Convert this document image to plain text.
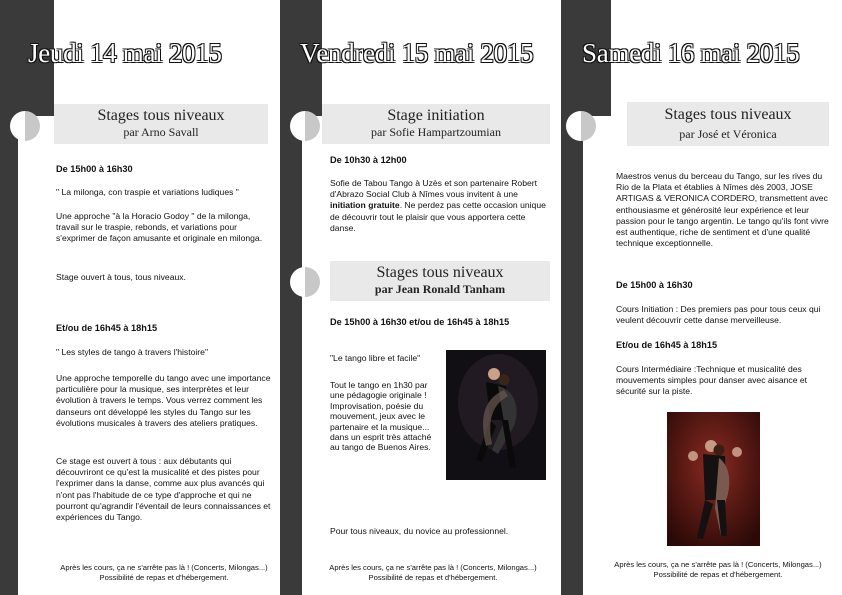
Jeudi 14 mai 2015
Stages tous niveaux
par Arno Savall
De 15h00 à 16h30
" La milonga, con traspie et variations ludiques "
Une approche "à la Horacio Godoy " de la milonga, travail sur le traspie, rebonds, et variations pour s'exprimer de façon amusante et originale en milonga.
Stage ouvert à tous, tous niveaux.
Et/ou de 16h45 à 18h15
" Les styles de tango à travers l'histoire"
Une approche temporelle du tango avec une importance particulière pour la musique, ses interprètes et leur évolution à travers le temps. Vous verrez comment les danseurs ont développé les styles du Tango sur les évolutions musicales à travers des ateliers pratiques.
Ce stage est ouvert à tous : aux débutants qui découvriront ce qu'est la musicalité et des pistes pour l'exprimer dans la danse, comme aux plus avancés qui n'ont pas l'habitude de ce type d'approche et qui ne pourront qu'agrandir l'éventail de leurs connaissances et expériences du Tango.
Après les cours, ça ne s'arrête pas là ! (Concerts, Milongas...)
Possibilité de repas et d'hébergement.
Vendredi 15 mai 2015
Stage initiation
par Sofie Hampartzoumian
De 10h30 à 12h00
Sofie de Tabou Tango à Uzès et son partenaire Robert d'Abrazo Social Club à Nîmes vous invitent à une initiation gratuite. Ne perdez pas cette occasion unique de découvrir tout le plaisir que vous apportera cette danse.
Stages tous niveaux
par Jean Ronald Tanham
De 15h00 à 16h30 et/ou de 16h45 à 18h15
"Le tango libre et facile"
Tout le tango en 1h30 par une pédagogie originale ! Improvisation, poésie du mouvement, jeux avec le partenaire et la musique... dans un esprit très attaché au tango de Buenos Aires.
Pour tous niveaux, du novice au professionnel.
Après les cours, ça ne s'arrête pas là ! (Concerts, Milongas...)
Possibilité de repas et d'hébergement.
Samedi 16 mai 2015
Stages tous niveaux
par José et Véronica
Maestros venus du berceau du Tango, sur les rives du Rio de la Plata et établies à Nîmes dès 2003, JOSE ARTIGAS & VERONICA CORDERO, transmettent avec enthousiasme et générosité leur expérience et leur passion pour le tango argentin. Le tango qu'ils font vivre est authentique, riche de sentiment et d'une qualité technique exceptionnelle.
De 15h00 à 16h30
Cours Initiation : Des premiers pas pour tous ceux qui veulent découvrir cette danse merveilleuse.
Et/ou de 16h45 à 18h15
Cours Intermédiaire :Technique et musicalité des mouvements simples pour danser avec aisance et sécurité sur la piste.
Après les cours, ça ne s'arrête pas là ! (Concerts, Milongas...)
Possibilité de repas et d'hébergement.
